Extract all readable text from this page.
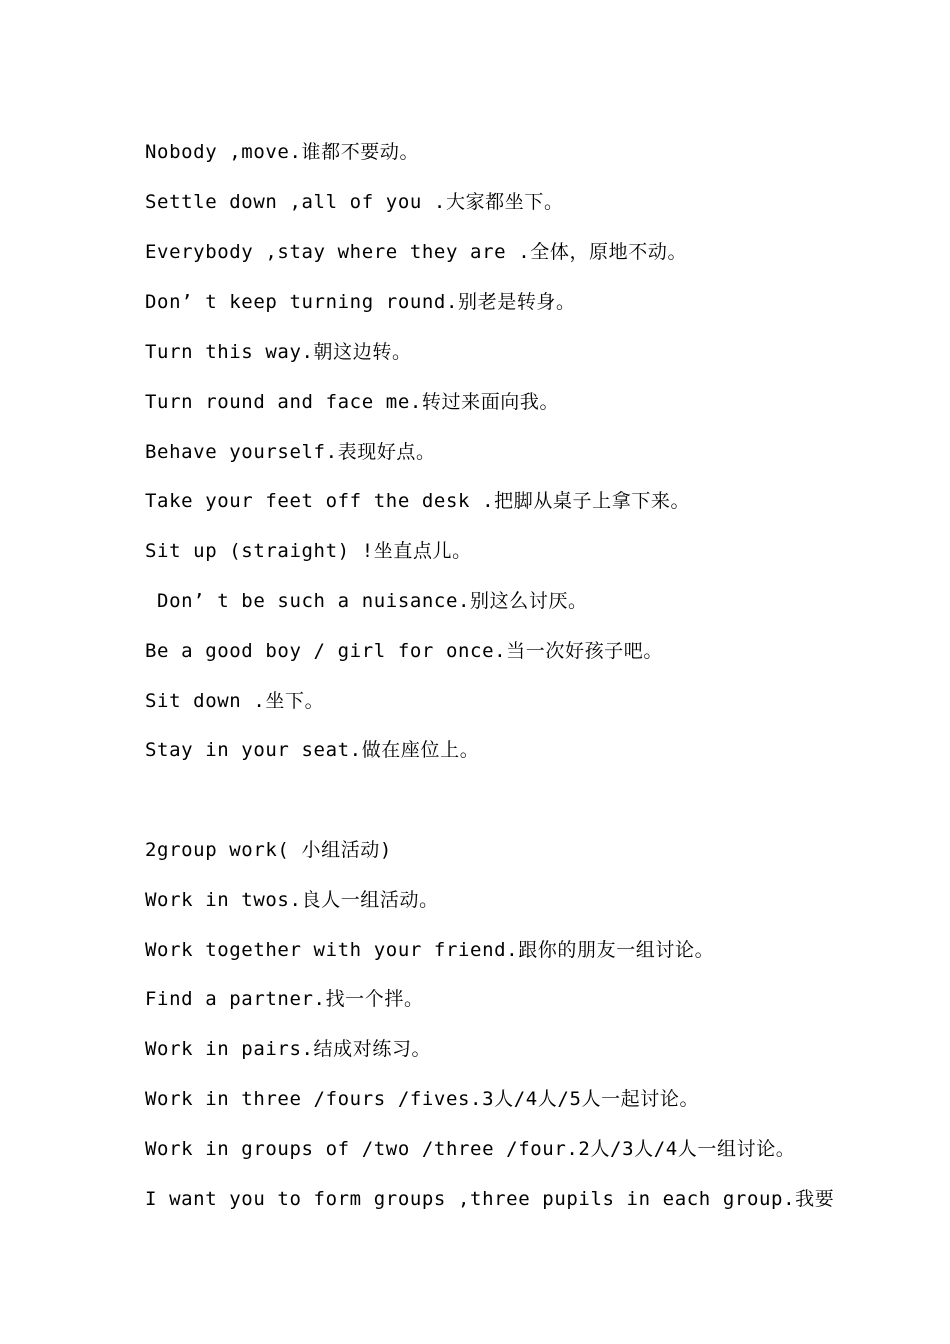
Nobody ,move.谁都不要动。
Settle down ,all of you .大家都坐下。
Everybody ,stay where they are .全体，原地不动。
Don’ t keep turning round.别老是转身。
Turn this way.朝这边转。
Turn round and face me.转过来面向我。
Behave yourself.表现好点。
Take your feet off the desk .把脚从桌子上拿下来。
Sit up (straight) !坐直点儿。
Don’ t be such a nuisance.别这么讨厌。
Be a good boy / girl for once.当一次好孩子吧。
Sit down .坐下。
Stay in your seat.做在座位上。
2group work( 小组活动)
Work in twos.良人一组活动。
Work together with your friend.跟你的朋友一组讨论。
Find a partner.找一个拌。
Work in pairs.结成对练习。
Work in three /fours /fives.3人/4人/5人一起讨论。
Work in groups of /two /three /four.2人/3人/4人一组讨论。
I want you to form groups ,three pupils in each group.我要
